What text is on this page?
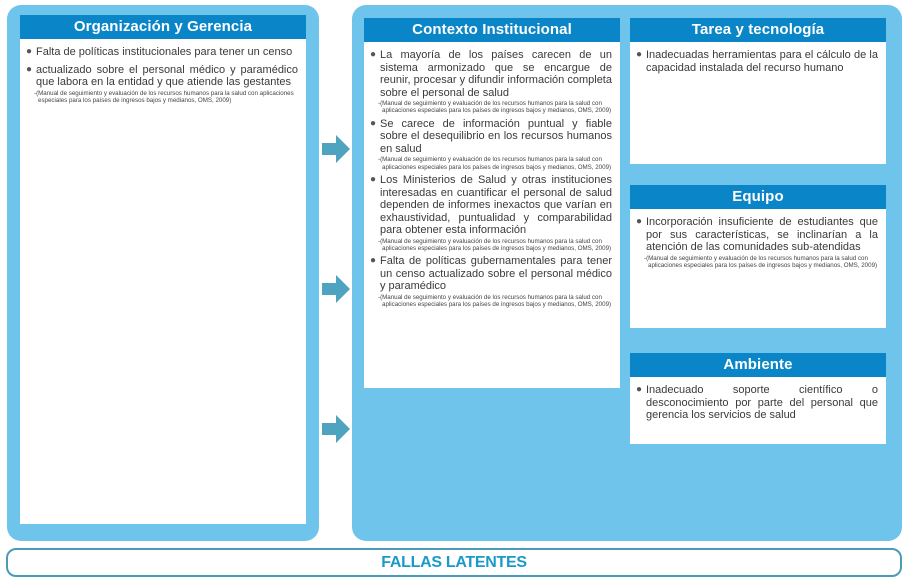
Organización y Gerencia
● Falta de políticas institucionales para tener un censo
● actualizado sobre el personal médico y paramédico que labora en la entidad y que atiende las gestantes
-(Manual de seguimiento y evaluación de los recursos humanos para la salud con aplicaciones especiales para los países de ingresos bajos y medianos, OMS, 2009)
Contexto Institucional
● La mayoría de los países carecen de un sistema armonizado que se encargue de reunir, procesar y difundir información completa sobre el personal de salud
-(Manual de seguimiento y evaluación de los recursos humanos para la salud con aplicaciones especiales para los países de ingresos bajos y medianos, OMS, 2009)
● Se carece de información puntual y fiable sobre el desequilibrio en los recursos humanos en salud
-(Manual de seguimiento y evaluación de los recursos humanos para la salud con aplicaciones especiales para los países de ingresos bajos y medianos, OMS, 2009)
● Los Ministerios de Salud y otras instituciones interesadas en cuantificar el personal de salud dependen de informes inexactos que varían en exhaustividad, puntualidad y comparabilidad para obtener esta información
-(Manual de seguimiento y evaluación de los recursos humanos para la salud con aplicaciones especiales para los países de ingresos bajos y medianos, OMS, 2009)
● Falta de políticas gubernamentales para tener un censo actualizado sobre el personal médico y paramédico
-(Manual de seguimiento y evaluación de los recursos humanos para la salud con aplicaciones especiales para los países de ingresos bajos y medianos, OMS, 2009)
Tarea y tecnología
● Inadecuadas herramientas para el cálculo de la capacidad instalada del recurso humano
Equipo
● Incorporación insuficiente de estudiantes que por sus características, se inclinarían a la atención de las comunidades sub-atendidas
-(Manual de seguimiento y evaluación de los recursos humanos para la salud con aplicaciones especiales para los países de ingresos bajos y medianos, OMS, 2009)
Ambiente
● Inadecuado soporte científico o desconocimiento por parte del personal que gerencia los servicios de salud
FALLAS LATENTES
